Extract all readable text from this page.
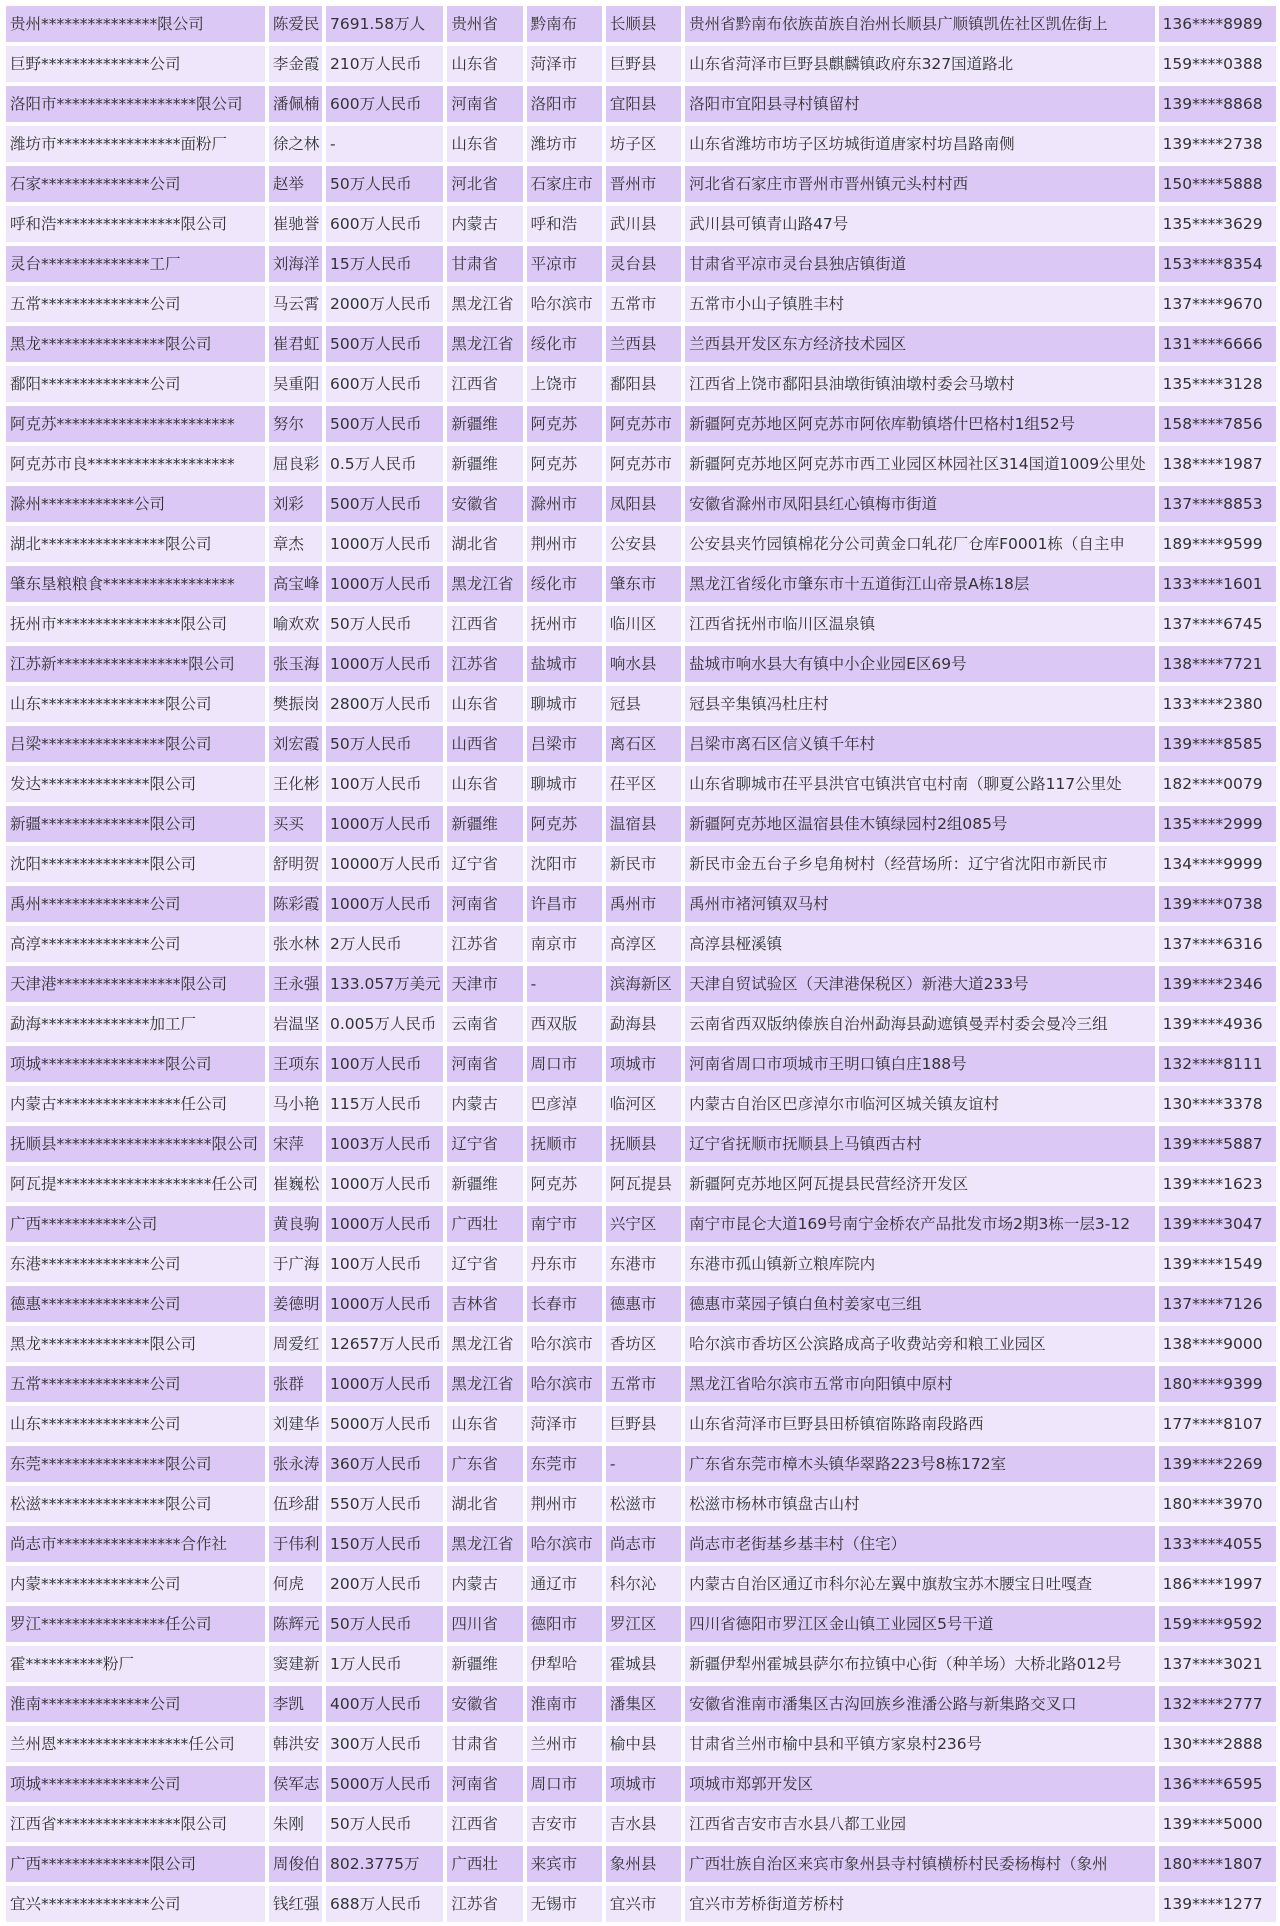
贵州***************限公司	陈爱民	7691.58万人	贵州省	黔南布	长顺县	贵州省黔南布依族苗族自治州长顺县广顺镇凯佐社区凯佐街上	136****8989
巨野**************公司	李金霞	210万人民币	山东省	菏泽市	巨野县	山东省菏泽市巨野县麒麟镇政府东327国道路北	159****0388
洛阳市******************限公司	潘佩楠	600万人民币	河南省	洛阳市	宜阳县	洛阳市宜阳县寻村镇留村	139****8868
潍坊市****************面粉厂	徐之林	-	山东省	潍坊市	坊子区	山东省潍坊市坊子区坊城街道唐家村坊昌路南侧	139****2738
石家**************公司	赵举	50万人民币	河北省	石家庄市	晋州市	河北省石家庄市晋州市晋州镇元头村村西	150****5888
呼和浩****************限公司	崔驰誉	600万人民币	内蒙古	呼和浩	武川县	武川县可镇青山路47号	135****3629
灵台**************工厂	刘海洋	15万人民币	甘肃省	平凉市	灵台县	甘肃省平凉市灵台县独店镇街道	153****8354
五常**************公司	马云霄	2000万人民币	黑龙江省	哈尔滨市	五常市	五常市小山子镇胜丰村	137****9670
黑龙****************限公司	崔君虹	500万人民币	黑龙江省	绥化市	兰西县	兰西县开发区东方经济技术园区	131****6666
鄱阳**************公司	吴重阳	600万人民币	江西省	上饶市	鄱阳县	江西省上饶市鄱阳县油墩街镇油墩村委会马墩村	135****3128
阿克苏***********************	努尔	500万人民币	新疆维	阿克苏	阿克苏市	新疆阿克苏地区阿克苏市阿依库勒镇塔什巴格村1组52号	158****7856
阿克苏市良*******************	屈良彩	0.5万人民币	新疆维	阿克苏	阿克苏市	新疆阿克苏地区阿克苏市西工业园区林园社区314国道1009公里处	138****1987
滁州************公司	刘彩	500万人民币	安徽省	滁州市	凤阳县	安徽省滁州市凤阳县红心镇梅市街道	137****8853
湖北****************限公司	章杰	1000万人民币	湖北省	荆州市	公安县	公安县夹竹园镇棉花分公司黄金口轧花厂仓库F0001栋（自主申	189****9599
肇东垦粮粮食*****************	高宝峰	1000万人民币	黑龙江省	绥化市	肇东市	黑龙江省绥化市肇东市十五道街江山帝景A栋18层	133****1601
抚州市****************限公司	喻欢欢	50万人民币	江西省	抚州市	临川区	江西省抚州市临川区温泉镇	137****6745
江苏新*****************限公司	张玉海	1000万人民币	江苏省	盐城市	响水县	盐城市响水县大有镇中小企业园E区69号	138****7721
山东****************限公司	樊振岗	2800万人民币	山东省	聊城市	冠县	冠县辛集镇冯杜庄村	133****2380
吕梁****************限公司	刘宏霞	50万人民币	山西省	吕梁市	离石区	吕梁市离石区信义镇千年村	139****8585
发达**************限公司	王化彬	100万人民币	山东省	聊城市	茌平区	山东省聊城市茌平县洪官屯镇洪官屯村南（聊夏公路117公里处	182****0079
新疆**************限公司	买买	1000万人民币	新疆维	阿克苏	温宿县	新疆阿克苏地区温宿县佳木镇绿园村2组085号	135****2999
沈阳**************限公司	舒明贺	10000万人民币	辽宁省	沈阳市	新民市	新民市金五台子乡皂角树村（经营场所：辽宁省沈阳市新民市	134****9999
禹州**************公司	陈彩霞	1000万人民币	河南省	许昌市	禹州市	禹州市褚河镇双马村	139****0738
高淳**************公司	张水林	2万人民币	江苏省	南京市	高淳区	高淳县桠溪镇	137****6316
天津港****************限公司	王永强	133.057万美元	天津市	-	滨海新区	天津自贸试验区（天津港保税区）新港大道233号	139****2346
勐海**************加工厂	岩温坚	0.005万人民币	云南省	西双版	勐海县	云南省西双版纳傣族自治州勐海县勐遮镇曼弄村委会曼冷三组	139****4936
项城****************限公司	王项东	100万人民币	河南省	周口市	项城市	河南省周口市项城市王明口镇白庄188号	132****8111
内蒙古****************任公司	马小艳	115万人民币	内蒙古	巴彦淖	临河区	内蒙古自治区巴彦淖尔市临河区城关镇友谊村	130****3378
抚顺县********************限公司	宋萍	1003万人民币	辽宁省	抚顺市	抚顺县	辽宁省抚顺市抚顺县上马镇西古村	139****5887
阿瓦提********************任公司	崔巍松	1000万人民币	新疆维	阿克苏	阿瓦提县	新疆阿克苏地区阿瓦提县民营经济开发区	139****1623
广西***********公司	黄良驹	1000万人民币	广西壮	南宁市	兴宁区	南宁市昆仑大道169号南宁金桥农产品批发市场2期3栋一层3-12	139****3047
东港**************公司	于广海	100万人民币	辽宁省	丹东市	东港市	东港市孤山镇新立粮库院内	139****1549
德惠**************公司	姜德明	1000万人民币	吉林省	长春市	德惠市	德惠市菜园子镇白鱼村姜家屯三组	137****7126
黑龙**************限公司	周爱红	12657万人民币	黑龙江省	哈尔滨市	香坊区	哈尔滨市香坊区公滨路成高子收费站旁和粮工业园区	138****9000
五常**************公司	张群	1000万人民币	黑龙江省	哈尔滨市	五常市	黑龙江省哈尔滨市五常市向阳镇中原村	180****9399
山东**************公司	刘建华	5000万人民币	山东省	菏泽市	巨野县	山东省菏泽市巨野县田桥镇宿陈路南段路西	177****8107
东莞****************限公司	张永涛	360万人民币	广东省	东莞市	-	广东省东莞市樟木头镇华翠路223号8栋172室	139****2269
松滋****************限公司	伍珍甜	550万人民币	湖北省	荆州市	松滋市	松滋市杨林市镇盘古山村	180****3970
尚志市****************合作社	于伟利	150万人民币	黑龙江省	哈尔滨市	尚志市	尚志市老街基乡基丰村（住宅）	133****4055
内蒙**************公司	何虎	200万人民币	内蒙古	通辽市	科尔沁	内蒙古自治区通辽市科尔沁左翼中旗敖宝苏木腰宝日吐嘎查	186****1997
罗江****************任公司	陈辉元	50万人民币	四川省	德阳市	罗江区	四川省德阳市罗江区金山镇工业园区5号干道	159****9592
霍**********粉厂	窦建新	1万人民币	新疆维	伊犁哈	霍城县	新疆伊犁州霍城县萨尔布拉镇中心街（种羊场）大桥北路012号	137****3021
淮南**************公司	李凯	400万人民币	安徽省	淮南市	潘集区	安徽省淮南市潘集区古沟回族乡淮潘公路与新集路交叉口	132****2777
兰州恩*****************任公司	韩洪安	300万人民币	甘肃省	兰州市	榆中县	甘肃省兰州市榆中县和平镇方家泉村236号	130****2888
项城**************公司	侯军志	5000万人民币	河南省	周口市	项城市	项城市郑郭开发区	136****6595
江西省****************限公司	朱刚	50万人民币	江西省	吉安市	吉水县	江西省吉安市吉水县八都工业园	139****5000
广西**************限公司	周俊伯	802.3775万	广西壮	来宾市	象州县	广西壮族自治区来宾市象州县寺村镇横桥村民委杨梅村（象州	180****1807
宜兴**************公司	钱红强	688万人民币	江苏省	无锡市	宜兴市	宜兴市芳桥街道芳桥村	139****1277
